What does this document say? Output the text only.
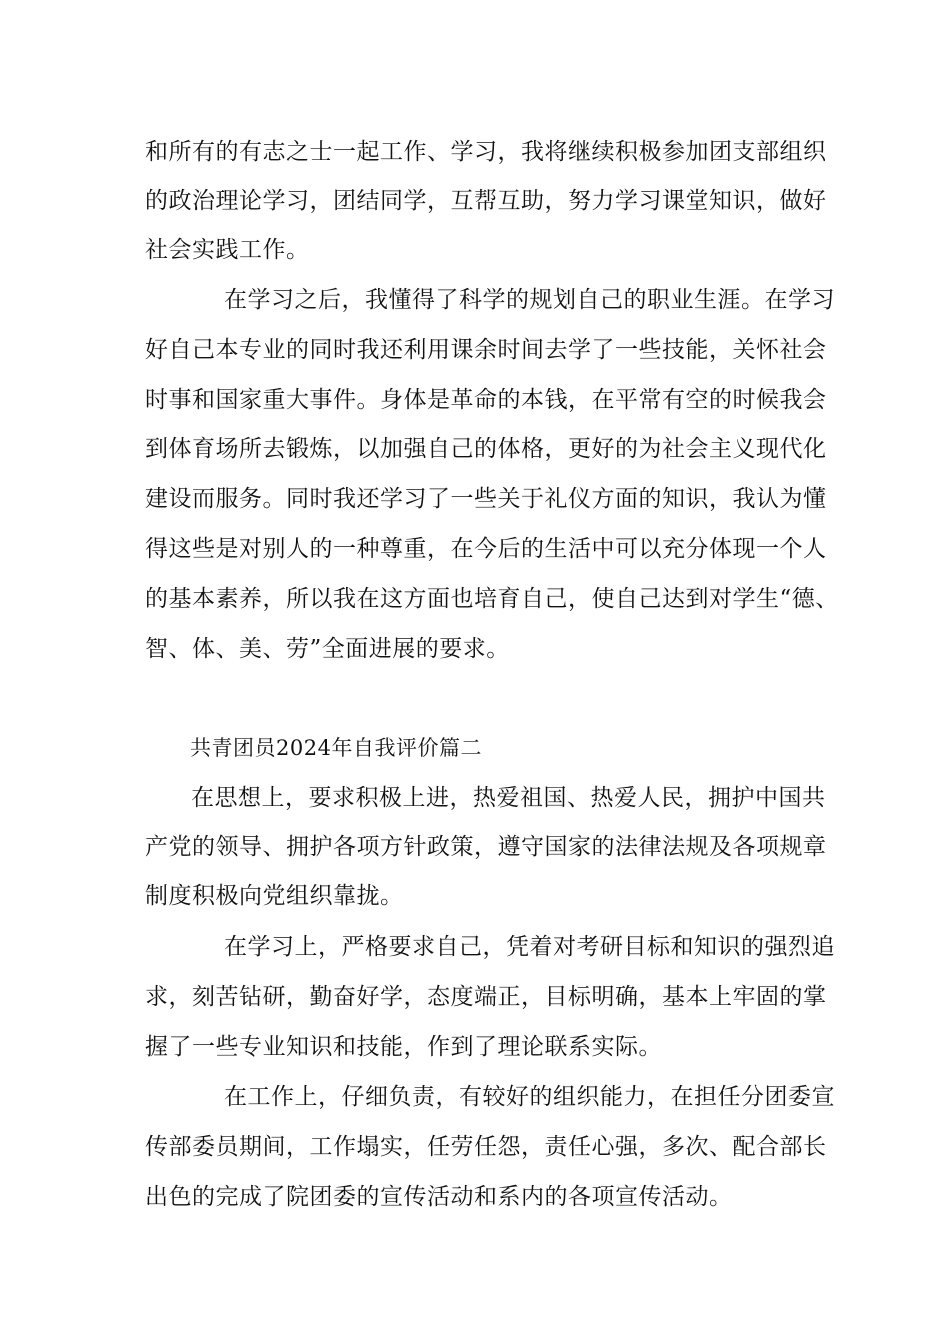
和所有的有志之士一起工作、学习，我将继续积极参加团支部组织
的政治理论学习，团结同学，互帮互助，努力学习课堂知识，做好
社会实践工作。
在学习之后，我懂得了科学的规划自己的职业生涯。在学习
好自己本专业的同时我还利用课余时间去学了一些技能，关怀社会
时事和国家重大事件。身体是革命的本钱，在平常有空的时候我会
到体育场所去锻炼，以加强自己的体格，更好的为社会主义现代化
建设而服务。同时我还学习了一些关于礼仪方面的知识，我认为懂
得这些是对别人的一种尊重，在今后的生活中可以充分体现一个人
的基本素养，所以我在这方面也培育自己，使自己达到对学生“德、
智、体、美、劳”全面进展的要求。
共青团员2024年自我评价篇二
在思想上，要求积极上进，热爱祖国、热爱人民，拥护中国共
产党的领导、拥护各项方针政策，遵守国家的法律法规及各项规章
制度积极向党组织靠拢。
在学习上，严格要求自己，凭着对考研目标和知识的强烈追
求，刻苦钻研，勤奋好学，态度端正，目标明确，基本上牢固的掌
握了一些专业知识和技能，作到了理论联系实际。
在工作上，仔细负责，有较好的组织能力，在担任分团委宣
传部委员期间，工作塌实，任劳任怨，责任心强，多次、配合部长
出色的完成了院团委的宣传活动和系内的各项宣传活动。
